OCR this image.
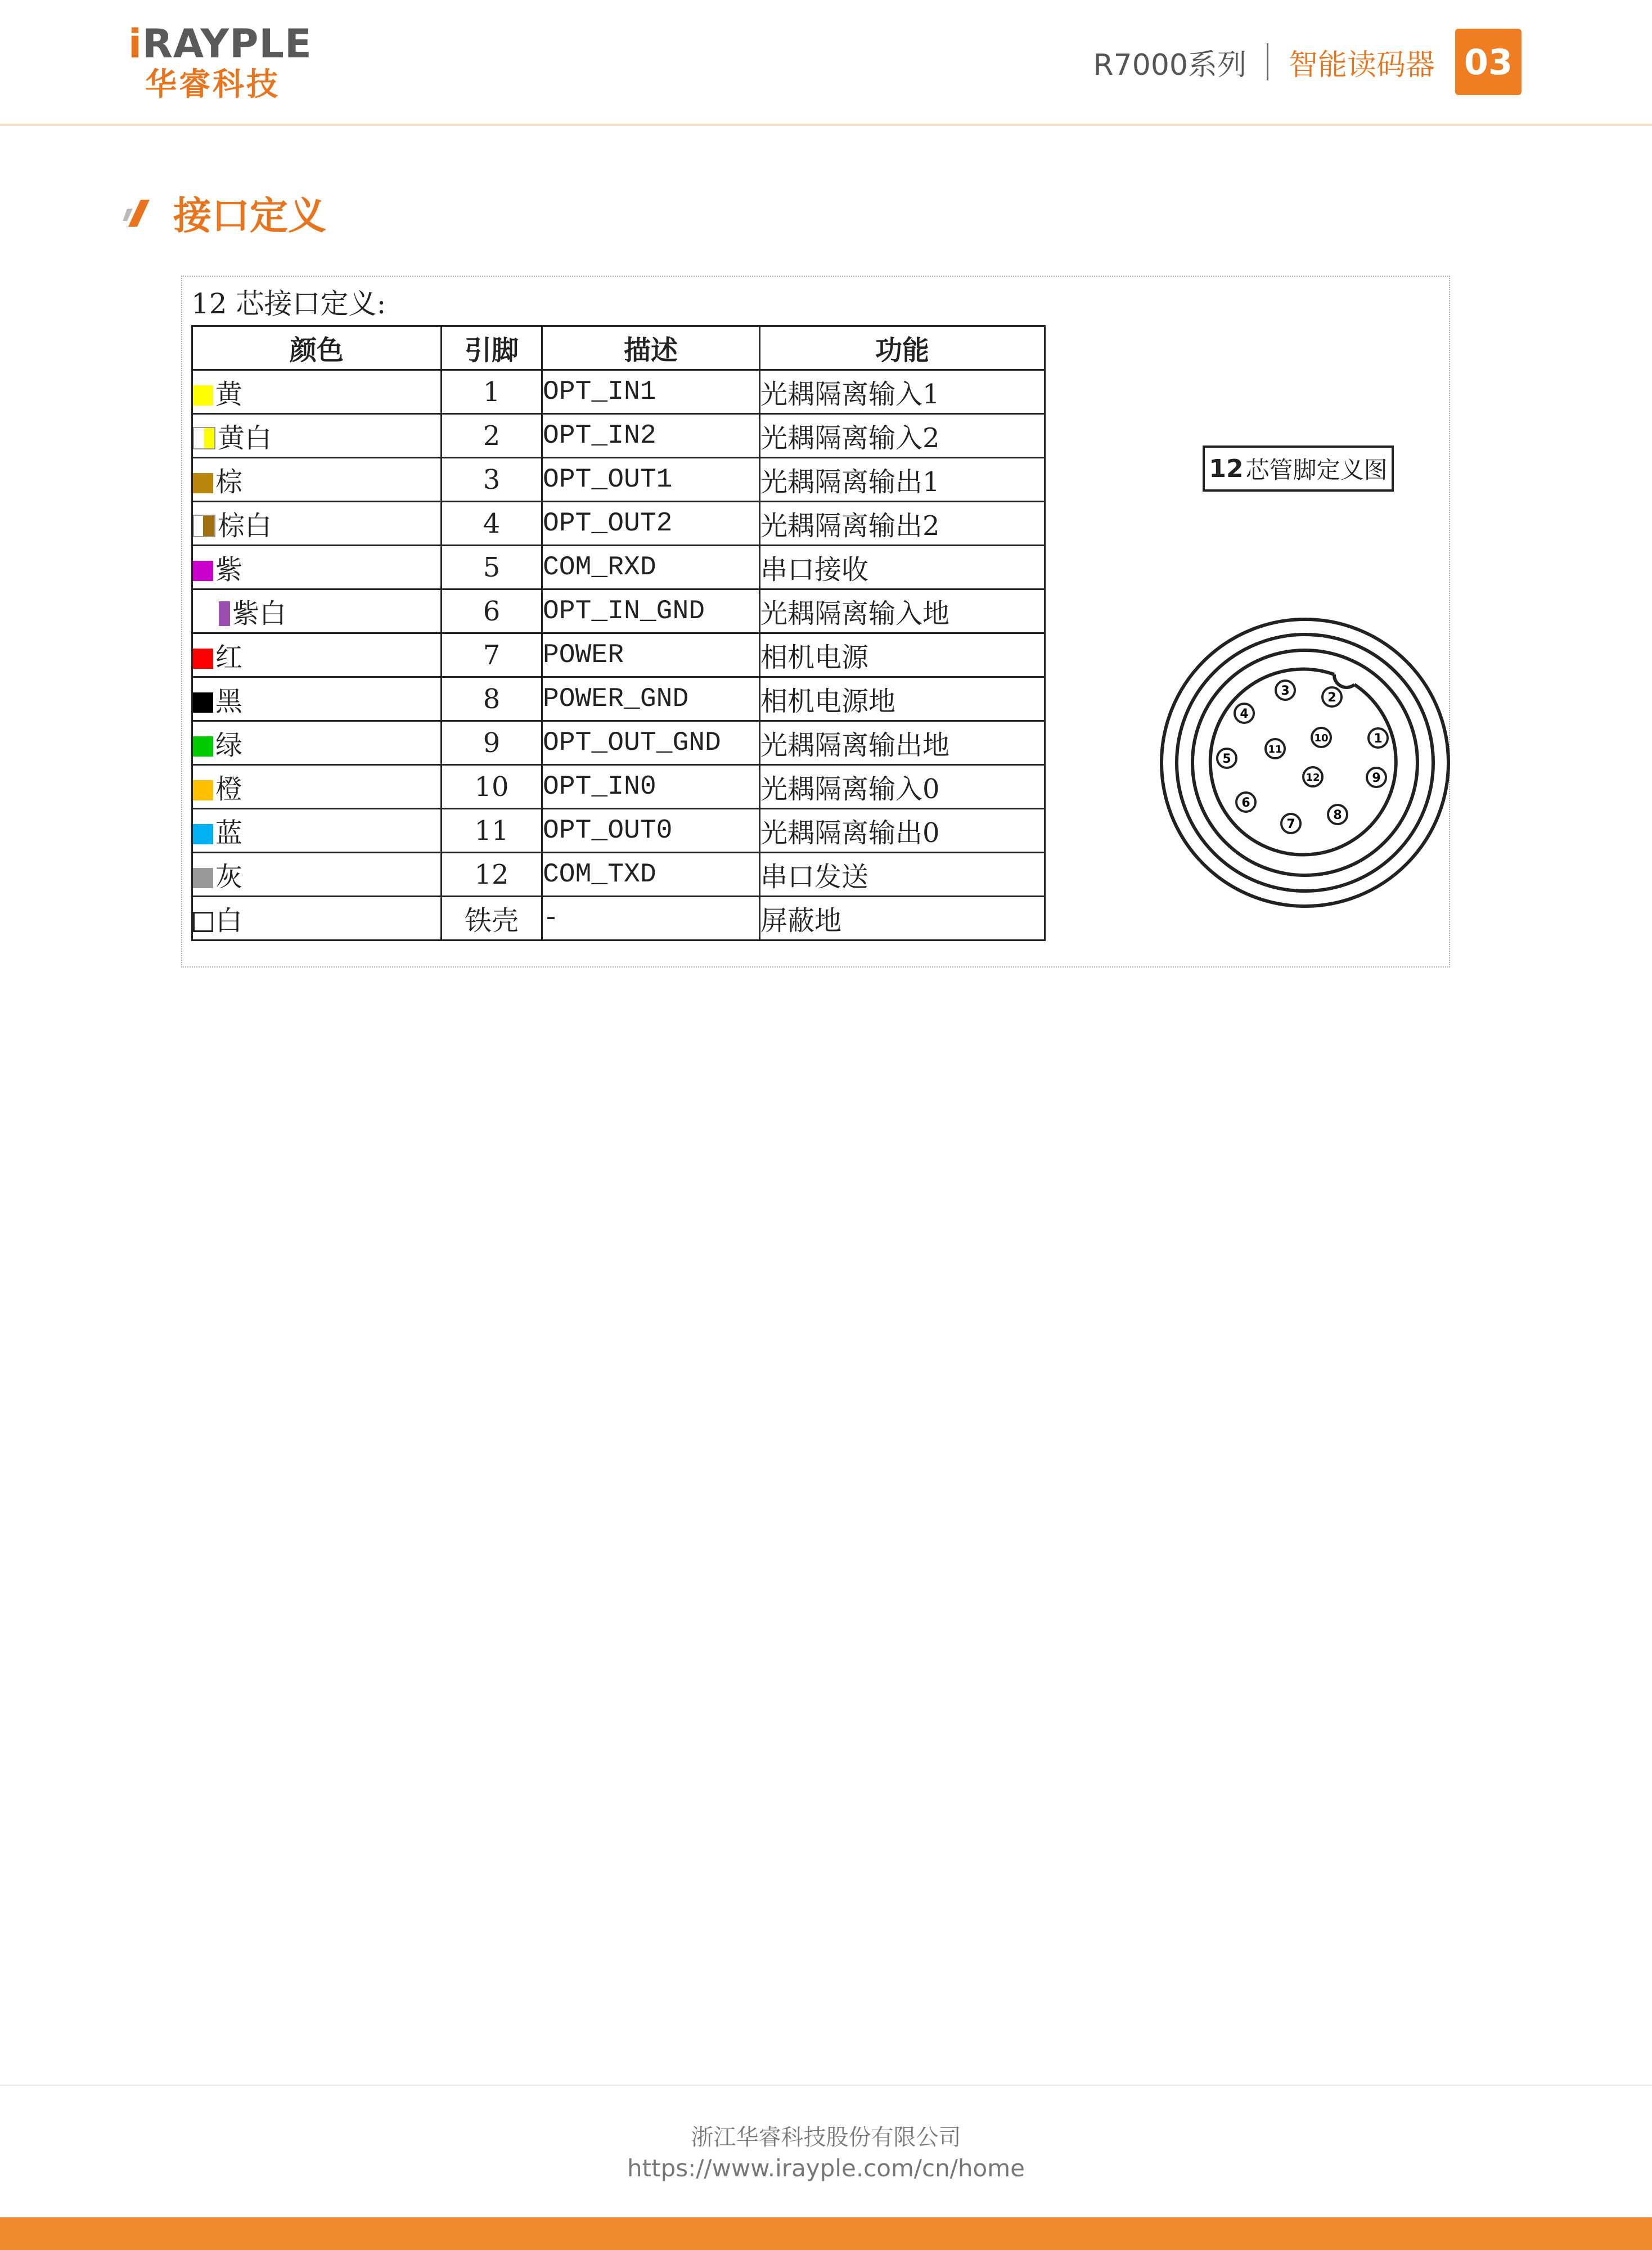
iRAYPLE
华睿科技
R7000系列 智能读码器 03
接口定义
12 芯接口定义:
颜色	引脚	描述	功能
黄	1	OPT_IN1	光耦隔离输入1
黄白	2	OPT_IN2	光耦隔离输入2
棕	3	OPT_OUT1	光耦隔离输出1
棕白	4	OPT_OUT2	光耦隔离输出2
紫	5	COM_RXD	串口接收
紫白	6	OPT_IN_GND	光耦隔离输入地
红	7	POWER	相机电源
黑	8	POWER_GND	相机电源地
绿	9	OPT_OUT_GND	光耦隔离输出地
橙	10	OPT_IN0	光耦隔离输入0
蓝	11	OPT_OUT0	光耦隔离输出0
灰	12	COM_TXD	串口发送
白	铁壳	-	屏蔽地
12 芯管脚定义图
1
2
3
4
5
6
7
8
9
10
11
12
浙江华睿科技股份有限公司
https://www.irayple.com/cn/home
